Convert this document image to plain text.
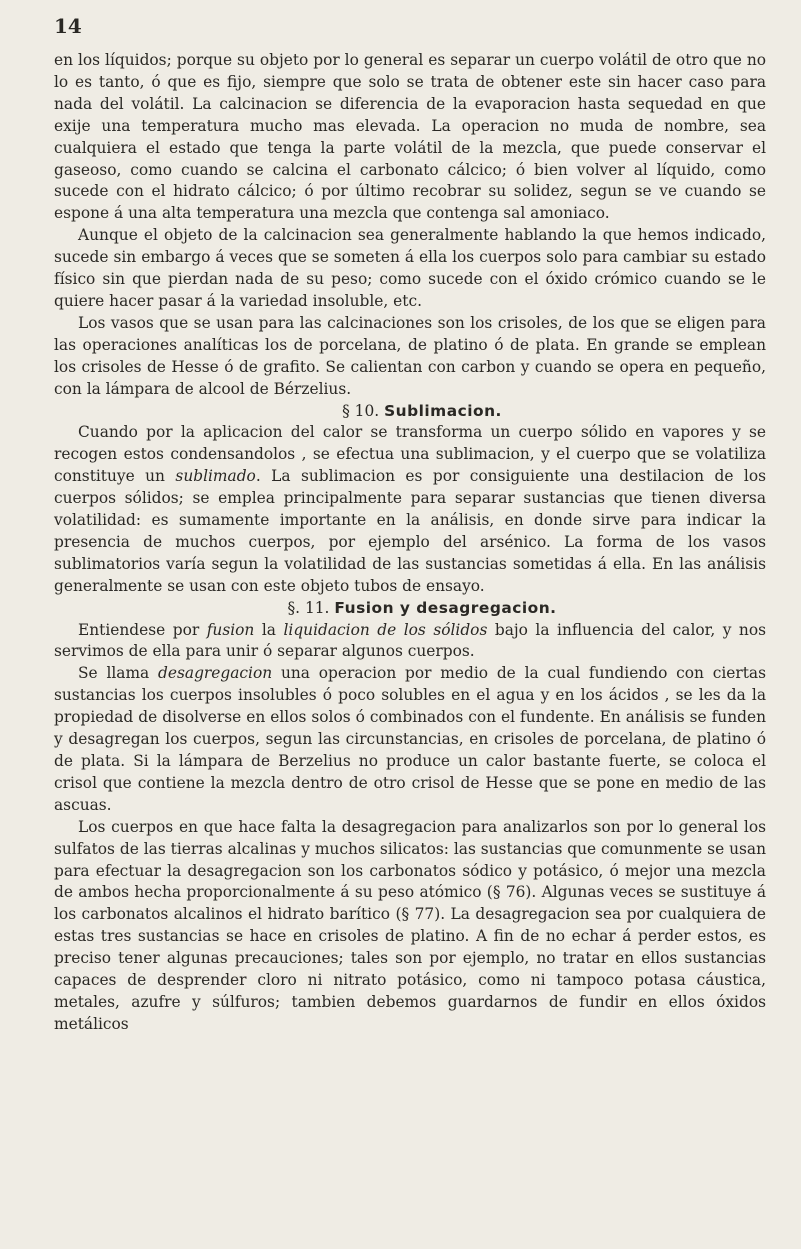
14

en los líquidos; porque su objeto por lo general es separar un cuerpo volátil de otro que no lo es tanto, ó que es fijo, siempre que solo se trata de obtener este sin hacer caso para nada del volátil. La calcinacion se diferencia de la evaporacion hasta sequedad en que exije una temperatura mucho mas elevada. La operacion no muda de nombre, sea cualquiera el estado que tenga la parte volátil de la mezcla, que puede conservar el gaseoso, como cuando se calcina el carbonato cálcico; ó bien volver al líquido, como sucede con el hidrato cálcico; ó por último recobrar su solidez, segun se ve cuando se espone á una alta temperatura una mezcla que contenga sal amoniaco.

Aunque el objeto de la calcinacion sea generalmente hablando la que hemos indicado, sucede sin embargo á veces que se someten á ella los cuerpos solo para cambiar su estado físico sin que pierdan nada de su peso; como sucede con el óxido crómico cuando se le quiere hacer pasar á la variedad insoluble, etc.

Los vasos que se usan para las calcinaciones son los crisoles, de los que se eligen para las operaciones analíticas los de porcelana, de platino ó de plata. En grande se emplean los crisoles de Hesse ó de grafito. Se calientan con carbon y cuando se opera en pequeño, con la lámpara de alcool de Bérzelius.

§ 10. Sublimacion.

Cuando por la aplicacion del calor se transforma un cuerpo sólido en vapores y se recogen estos condensandolos , se efectua una sublimacion, y el cuerpo que se volatiliza constituye un sublimado. La sublimacion es por consiguiente una destilacion de los cuerpos sólidos; se emplea principalmente para separar sustancias que tienen diversa volatilidad: es sumamente importante en la análisis, en donde sirve para indicar la presencia de muchos cuerpos, por ejemplo del arsénico. La forma de los vasos sublimatorios varía segun la volatilidad de las sustancias sometidas á ella. En las análisis generalmente se usan con este objeto tubos de ensayo.

§. 11. Fusion y desagregacion.

Entiendese por fusion la liquidacion de los sólidos bajo la influencia del calor, y nos servimos de ella para unir ó separar algunos cuerpos.

Se llama desagregacion una operacion por medio de la cual fundiendo con ciertas sustancias los cuerpos insolubles ó poco solubles en el agua y en los ácidos , se les da la propiedad de disolverse en ellos solos ó combinados con el fundente. En análisis se funden y desagregan los cuerpos, segun las circunstancias, en crisoles de porcelana, de platino ó de plata. Si la lámpara de Berzelius no produce un calor bastante fuerte, se coloca el crisol que contiene la mezcla dentro de otro crisol de Hesse que se pone en medio de las ascuas.

Los cuerpos en que hace falta la desagregacion para analizarlos son por lo general los sulfatos de las tierras alcalinas y muchos silicatos: las sustancias que comunmente se usan para efectuar la desagregacion son los carbonatos sódico y potásico, ó mejor una mezcla de ambos hecha proporcionalmente á su peso atómico (§ 76). Algunas veces se sustituye á los carbonatos alcalinos el hidrato barítico (§ 77). La desagregacion sea por cualquiera de estas tres sustancias se hace en crisoles de platino. A fin de no echar á perder estos, es preciso tener algunas precauciones; tales son por ejemplo, no tratar en ellos sustancias capaces de desprender cloro ni nitrato potásico, como ni tampoco potasa cáustica, metales, azufre y súlfuros; tambien debemos guardarnos de fundir en ellos óxidos metálicos
